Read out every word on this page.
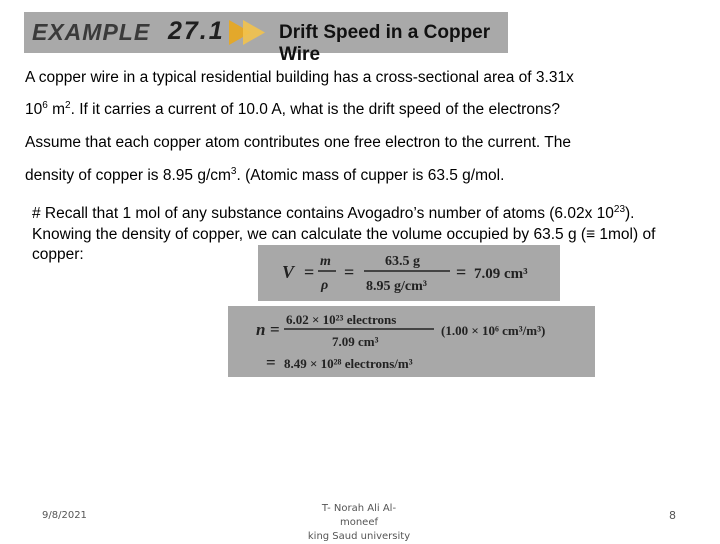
EXAMPLE 27.1	Drift Speed in a Copper Wire
A copper wire in a typical residential building has a cross-sectional area of 3.31x
$10^6$ $m^2$. If it carries a current of 10.0 A, what is the drift speed of the electrons?
Assume that each copper atom contributes one free electron to the current. The
density of copper is 8.95 $g/cm^3$. (Atomic mass of cupper is 63.5 g/mol.
# Recall that 1 mol of any substance contains Avogadro’s number of atoms (6.02x $10^{23}$). Knowing the density of copper, we can calculate the volume occupied by 63.5 g (≡ 1mol) of copper:
V =
m
ρ
=
63.5 g
8.95 g/cm³
= 7.09 cm³
n =
6.02 × 10²³ electrons
7.09 cm³
(1.00 × 10⁶ cm³/m³)
= 8.49 × 10²⁸ electrons/m³
9/8/2021
T- Norah Ali Al- moneef
king Saud university
8
